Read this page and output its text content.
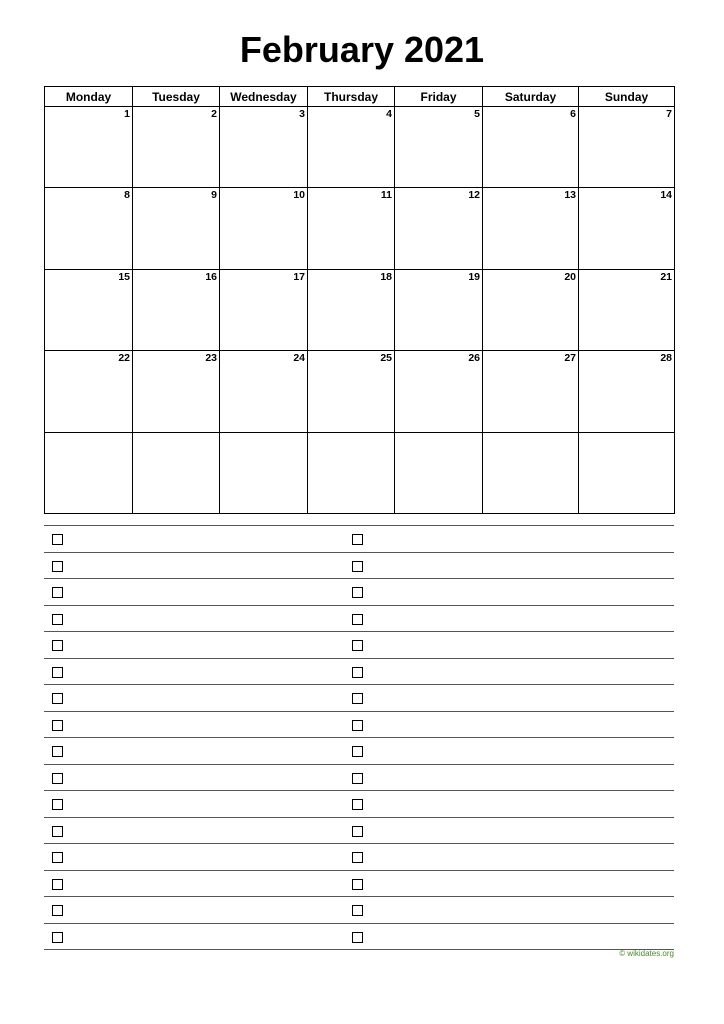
February 2021
Monday	Tuesday	Wednesday	Thursday	Friday	Saturday	Sunday

1	2	3	4	5	6	7

8	9	10	11	12	13	14

15	16	17	18	19	20	21

22	23	24	25	26	27	28

© wikidates.org
